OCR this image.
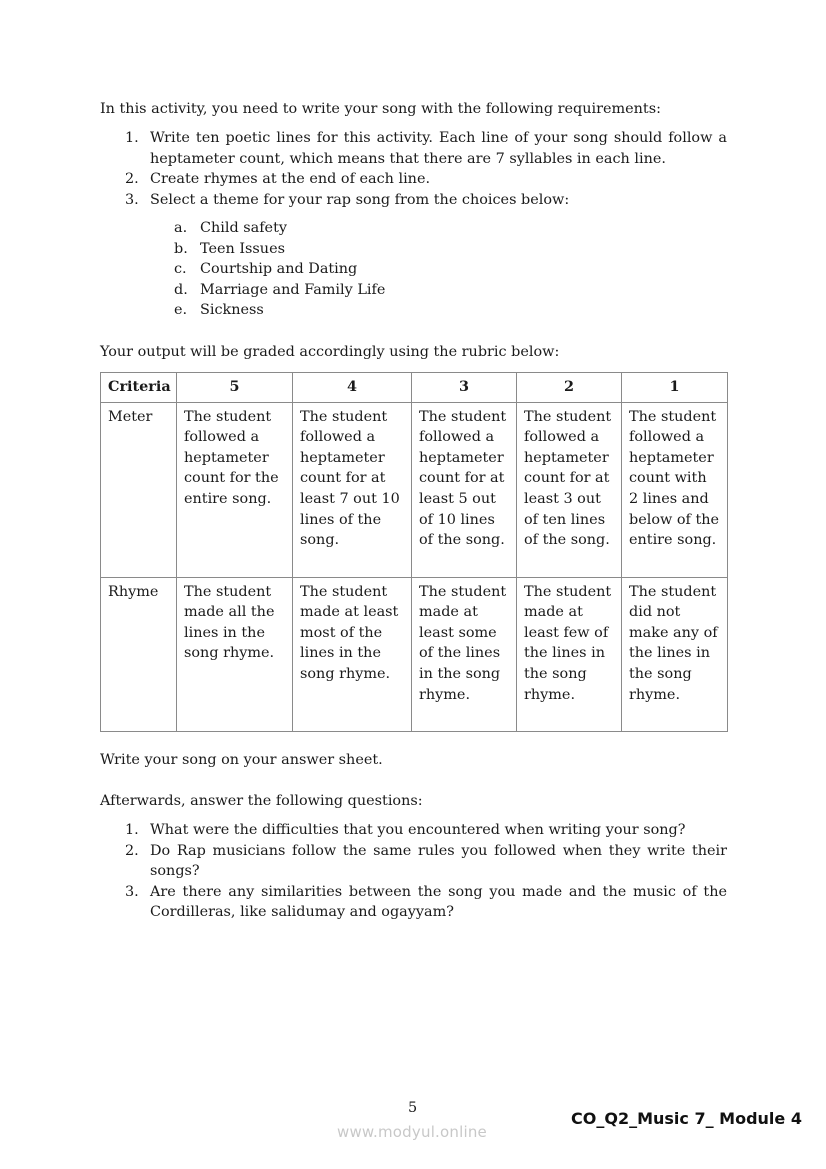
In this activity, you need to write your song with the following requirements:
1. Write ten poetic lines for this activity. Each line of your song should follow a heptameter count, which means that there are 7 syllables in each line.
2. Create rhymes at the end of each line.
3. Select a theme for your rap song from the choices below:
a. Child safety
b. Teen Issues
c. Courtship and Dating
d. Marriage and Family Life
e. Sickness
Your output will be graded accordingly using the rubric below:
Criteria	5	4	3	2	1
Meter	The student followed a heptameter count for the entire song.	The student followed a heptameter count for at least 7 out 10 lines of the song.	The student followed a heptameter count for at least 5 out of 10 lines of the song.	The student followed a heptameter count for at least 3 out of ten lines of the song.	The student followed a heptameter count with 2 lines and below of the entire song.
Rhyme	The student made all the lines in the song rhyme.	The student made at least most of the lines in the song rhyme.	The student made at least some of the lines in the song rhyme.	The student made at least few of the lines in the song rhyme.	The student did not make any of the lines in the song rhyme.
Write your song on your answer sheet.
Afterwards, answer the following questions:
1. What were the difficulties that you encountered when writing your song?
2. Do Rap musicians follow the same rules you followed when they write their songs?
3. Are there any similarities between the song you made and the music of the Cordilleras, like salidumay and ogayyam?
5
www.modyul.online
CO_Q2_Music 7_ Module 4
